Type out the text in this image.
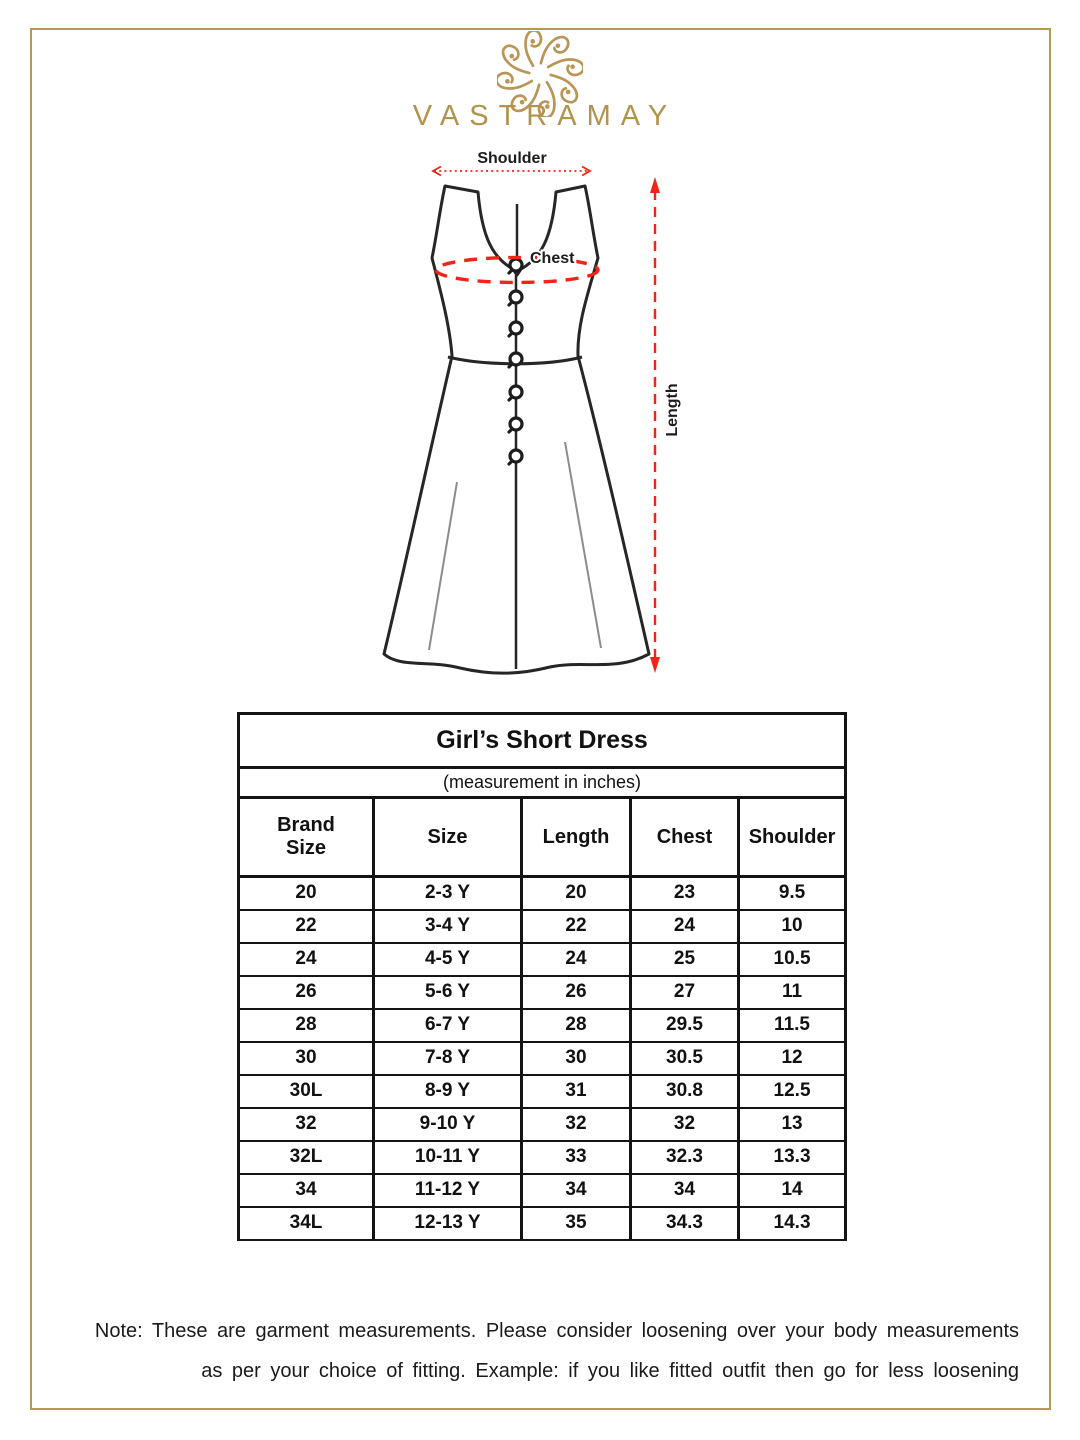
VASTRAMAY
Shoulder
Chest
Length
Girl’s Short Dress				
(measurement in inches)				
Brand Size	Size	Length	Chest	Shoulder
20	2-3 Y	20	23	9.5
22	3-4 Y	22	24	10
24	4-5 Y	24	25	10.5
26	5-6 Y	26	27	11
28	6-7 Y	28	29.5	11.5
30	7-8 Y	30	30.5	12
30L	8-9 Y	31	30.8	12.5
32	9-10 Y	32	32	13
32L	10-11 Y	33	32.3	13.3
34	11-12 Y	34	34	14
34L	12-13 Y	35	34.3	14.3
Note: These are garment measurements. Please consider loosening over your body measurements
as per your choice of fitting. Example: if you like fitted outfit then go for less loosening
